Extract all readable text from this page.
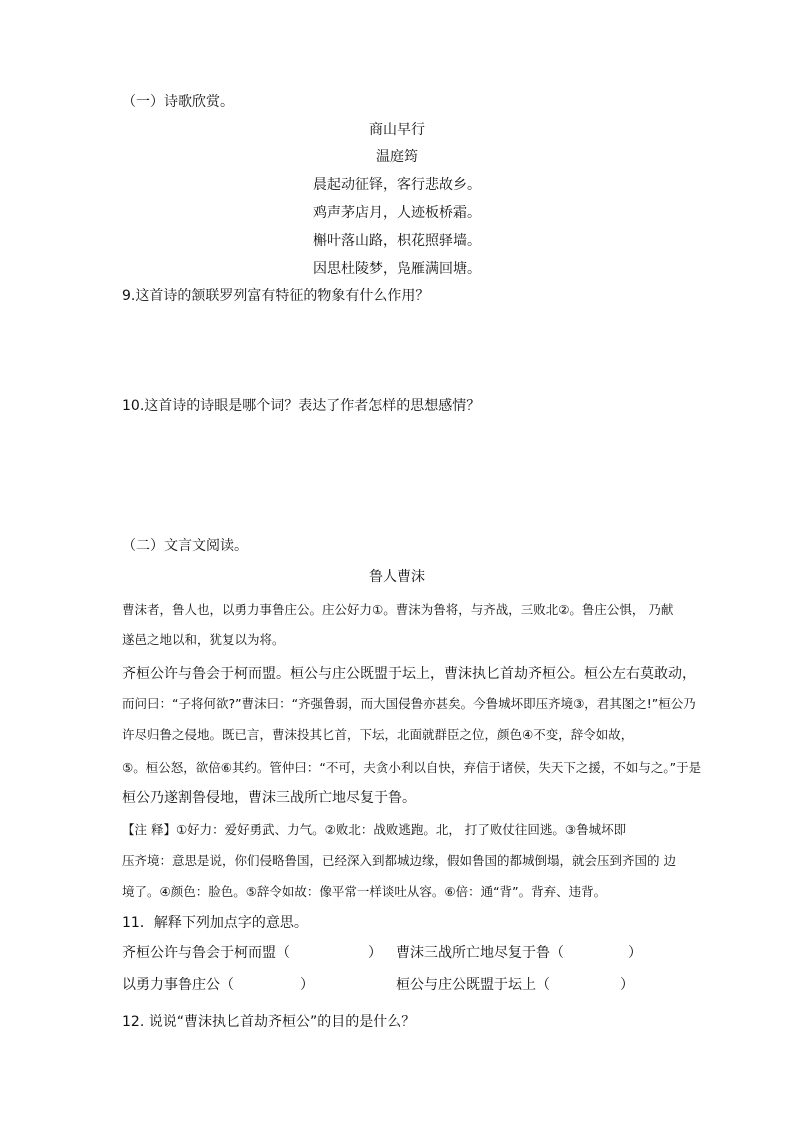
（一）诗歌欣赏。
商山早行
温庭筠
晨起动征铎，客行悲故乡。
鸡声茅店月，人迹板桥霜。
槲叶落山路，枳花照驿墙。
因思杜陵梦，凫雁满回塘。
9.这首诗的颔联罗列富有特征的物象有什么作用？
10.这首诗的诗眼是哪个词？表达了作者怎样的思想感情？
（二）文言文阅读。
鲁人曹沫
曹沫者，鲁人也，以勇力事鲁庄公。庄公好力①。曹沫为鲁将，与齐战，三败北②。鲁庄公惧， 乃献
遂邑之地以和，犹复以为将。
齐桓公许与鲁会于柯而盟。桓公与庄公既盟于坛上，曹沫执匕首劫齐桓公。桓公左右莫敢动，
而问曰：“子将何欲?”曹沫曰：“齐强鲁弱，而大国侵鲁亦甚矣。今鲁城坏即压齐境③，君其图之!”桓公乃
许尽归鲁之侵地。既已言，曹沫投其匕首，下坛，北面就群臣之位，颜色④不变，辞令如故，
⑤。桓公怒，欲倍⑥其约。管仲曰：“不可，夫贪小利以自快，弃信于诸侯，失天下之援，不如与之。”于是
桓公乃遂割鲁侵地，曹沫三战所亡地尽复于鲁。
【注 释】①好力：爱好勇武、力气。②败北：战败逃跑。北， 打了败仗往回逃。③鲁城坏即
压齐境：意思是说，你们侵略鲁国，已经深入到都城边缘，假如鲁国的都城倒塌，就会压到齐国的 边
境了。④颜色：脸色。⑤辞令如故：像平常一样谈吐从容。⑥倍：通“背”。背弃、违背。
11．解释下列加点字的意思。
齐桓公许与鲁会于柯而盟（	） 曹沫三战所亡地尽复于鲁（	）
以勇力事鲁庄公（	）	桓公与庄公既盟于坛上（	）
12. 说说“曹沫执匕首劫齐桓公”的目的是什么？
